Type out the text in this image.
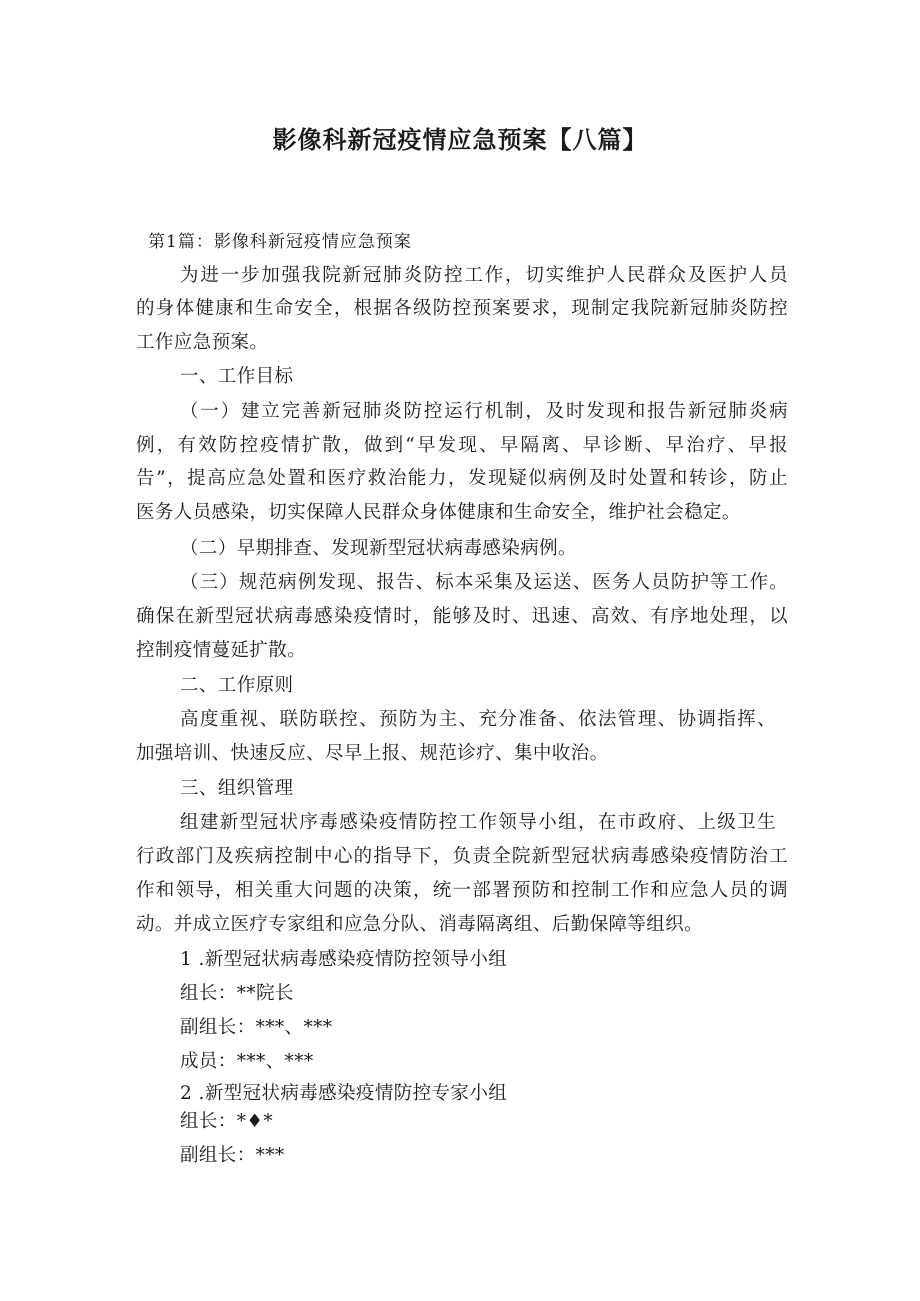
影像科新冠疫情应急预案【八篇】
第1篇：影像科新冠疫情应急预案
为进一步加强我院新冠肺炎防控工作，切实维护人民群众及医护人员
的身体健康和生命安全，根据各级防控预案要求，现制定我院新冠肺炎防控
工作应急预案。
一、工作目标
（一）建立完善新冠肺炎防控运行机制，及时发现和报告新冠肺炎病
例，有效防控疫情扩散，做到“早发现、早隔离、早诊断、早治疗、早报
告”，提高应急处置和医疗救治能力，发现疑似病例及时处置和转诊，防止
医务人员感染，切实保障人民群众身体健康和生命安全，维护社会稳定。
（二）早期排查、发现新型冠状病毒感染病例。
（三）规范病例发现、报告、标本采集及运送、医务人员防护等工作。
确保在新型冠状病毒感染疫情时，能够及时、迅速、高效、有序地处理，以
控制疫情蔓延扩散。
二、工作原则
高度重视、联防联控、预防为主、充分准备、依法管理、协调指挥、
加强培训、快速反应、尽早上报、规范诊疗、集中收治。
三、组织管理
组建新型冠状序毒感染疫情防控工作领导小组，在市政府、上级卫生
行政部门及疾病控制中心的指导下，负责全院新型冠状病毒感染疫情防治工
作和领导，相关重大问题的决策，统一部署预防和控制工作和应急人员的调
动。并成立医疗专家组和应急分队、消毒隔离组、后勤保障等组织。
1 .新型冠状病毒感染疫情防控领导小组
组长：**院长
副组长：***、***
成员：***、***
2 .新型冠状病毒感染疫情防控专家小组
组长：*♦*
副组长：***
